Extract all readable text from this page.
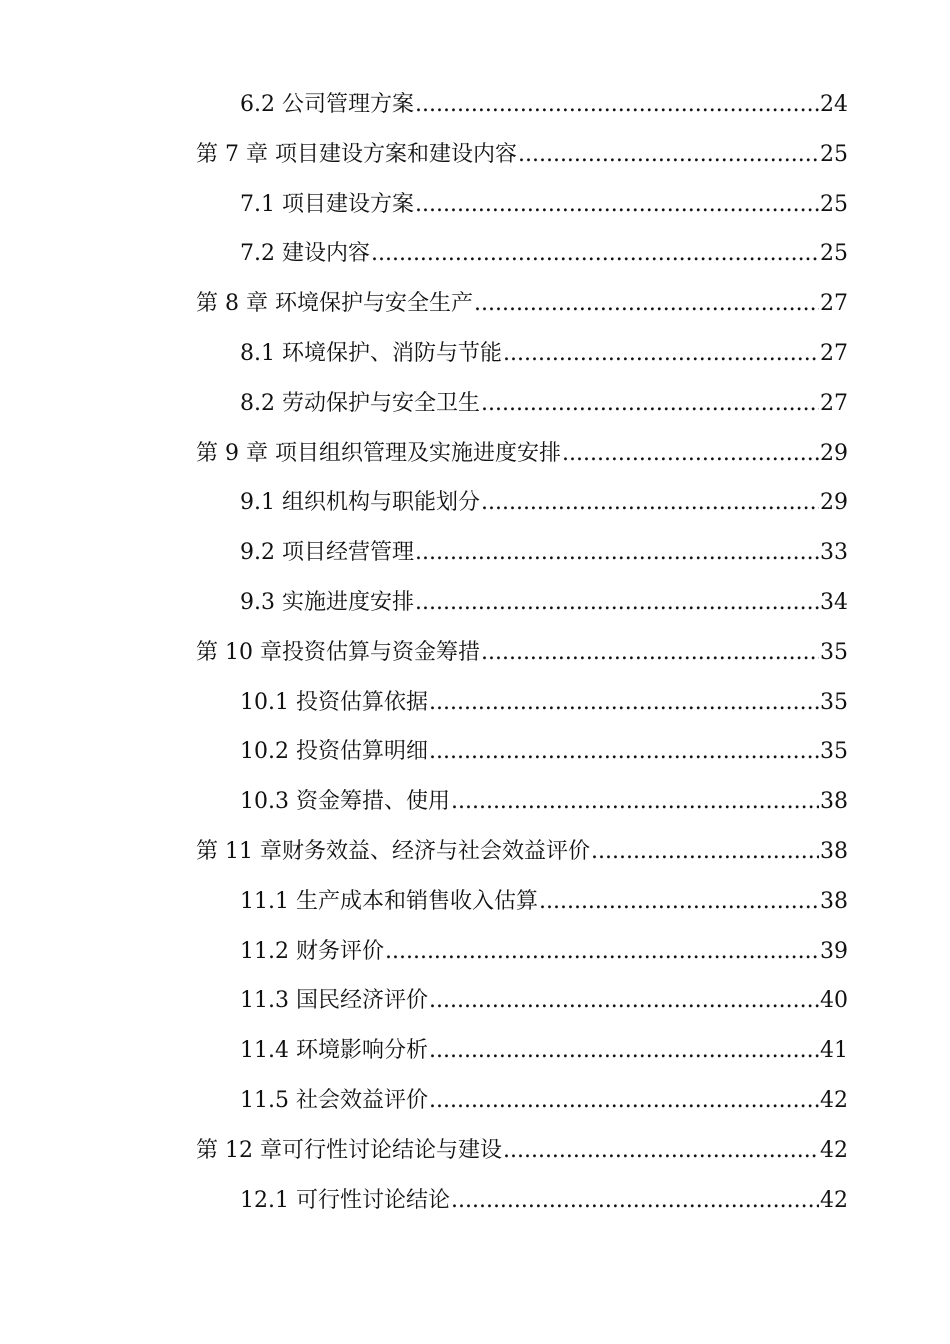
6.2 公司管理方案 .....	24
第 7 章 项目建设方案和建设内容 .....	25
7.1 项目建设方案 .....	25
7.2 建设内容 .....	25
第 8 章 环境保护与安全生产 .....	27
8.1 环境保护、消防与节能 .....	27
8.2 劳动保护与安全卫生 .....	27
第 9 章 项目组织管理及实施进度安排 .....	29
9.1 组织机构与职能划分 .....	29
9.2 项目经营管理 .....	33
9.3 实施进度安排 .....	34
第 10 章投资估算与资金筹措 .....	35
10.1 投资估算依据 .....	35
10.2 投资估算明细 .....	35
10.3 资金筹措、使用 .....	38
第 11 章财务效益、经济与社会效益评价 .....	38
11.1 生产成本和销售收入估算 .....	38
11.2 财务评价 .....	39
11.3 国民经济评价 .....	40
11.4 环境影响分析 .....	41
11.5 社会效益评价 .....	42
第 12 章可行性讨论结论与建设 .....	42
12.1 可行性讨论结论 .....	42
